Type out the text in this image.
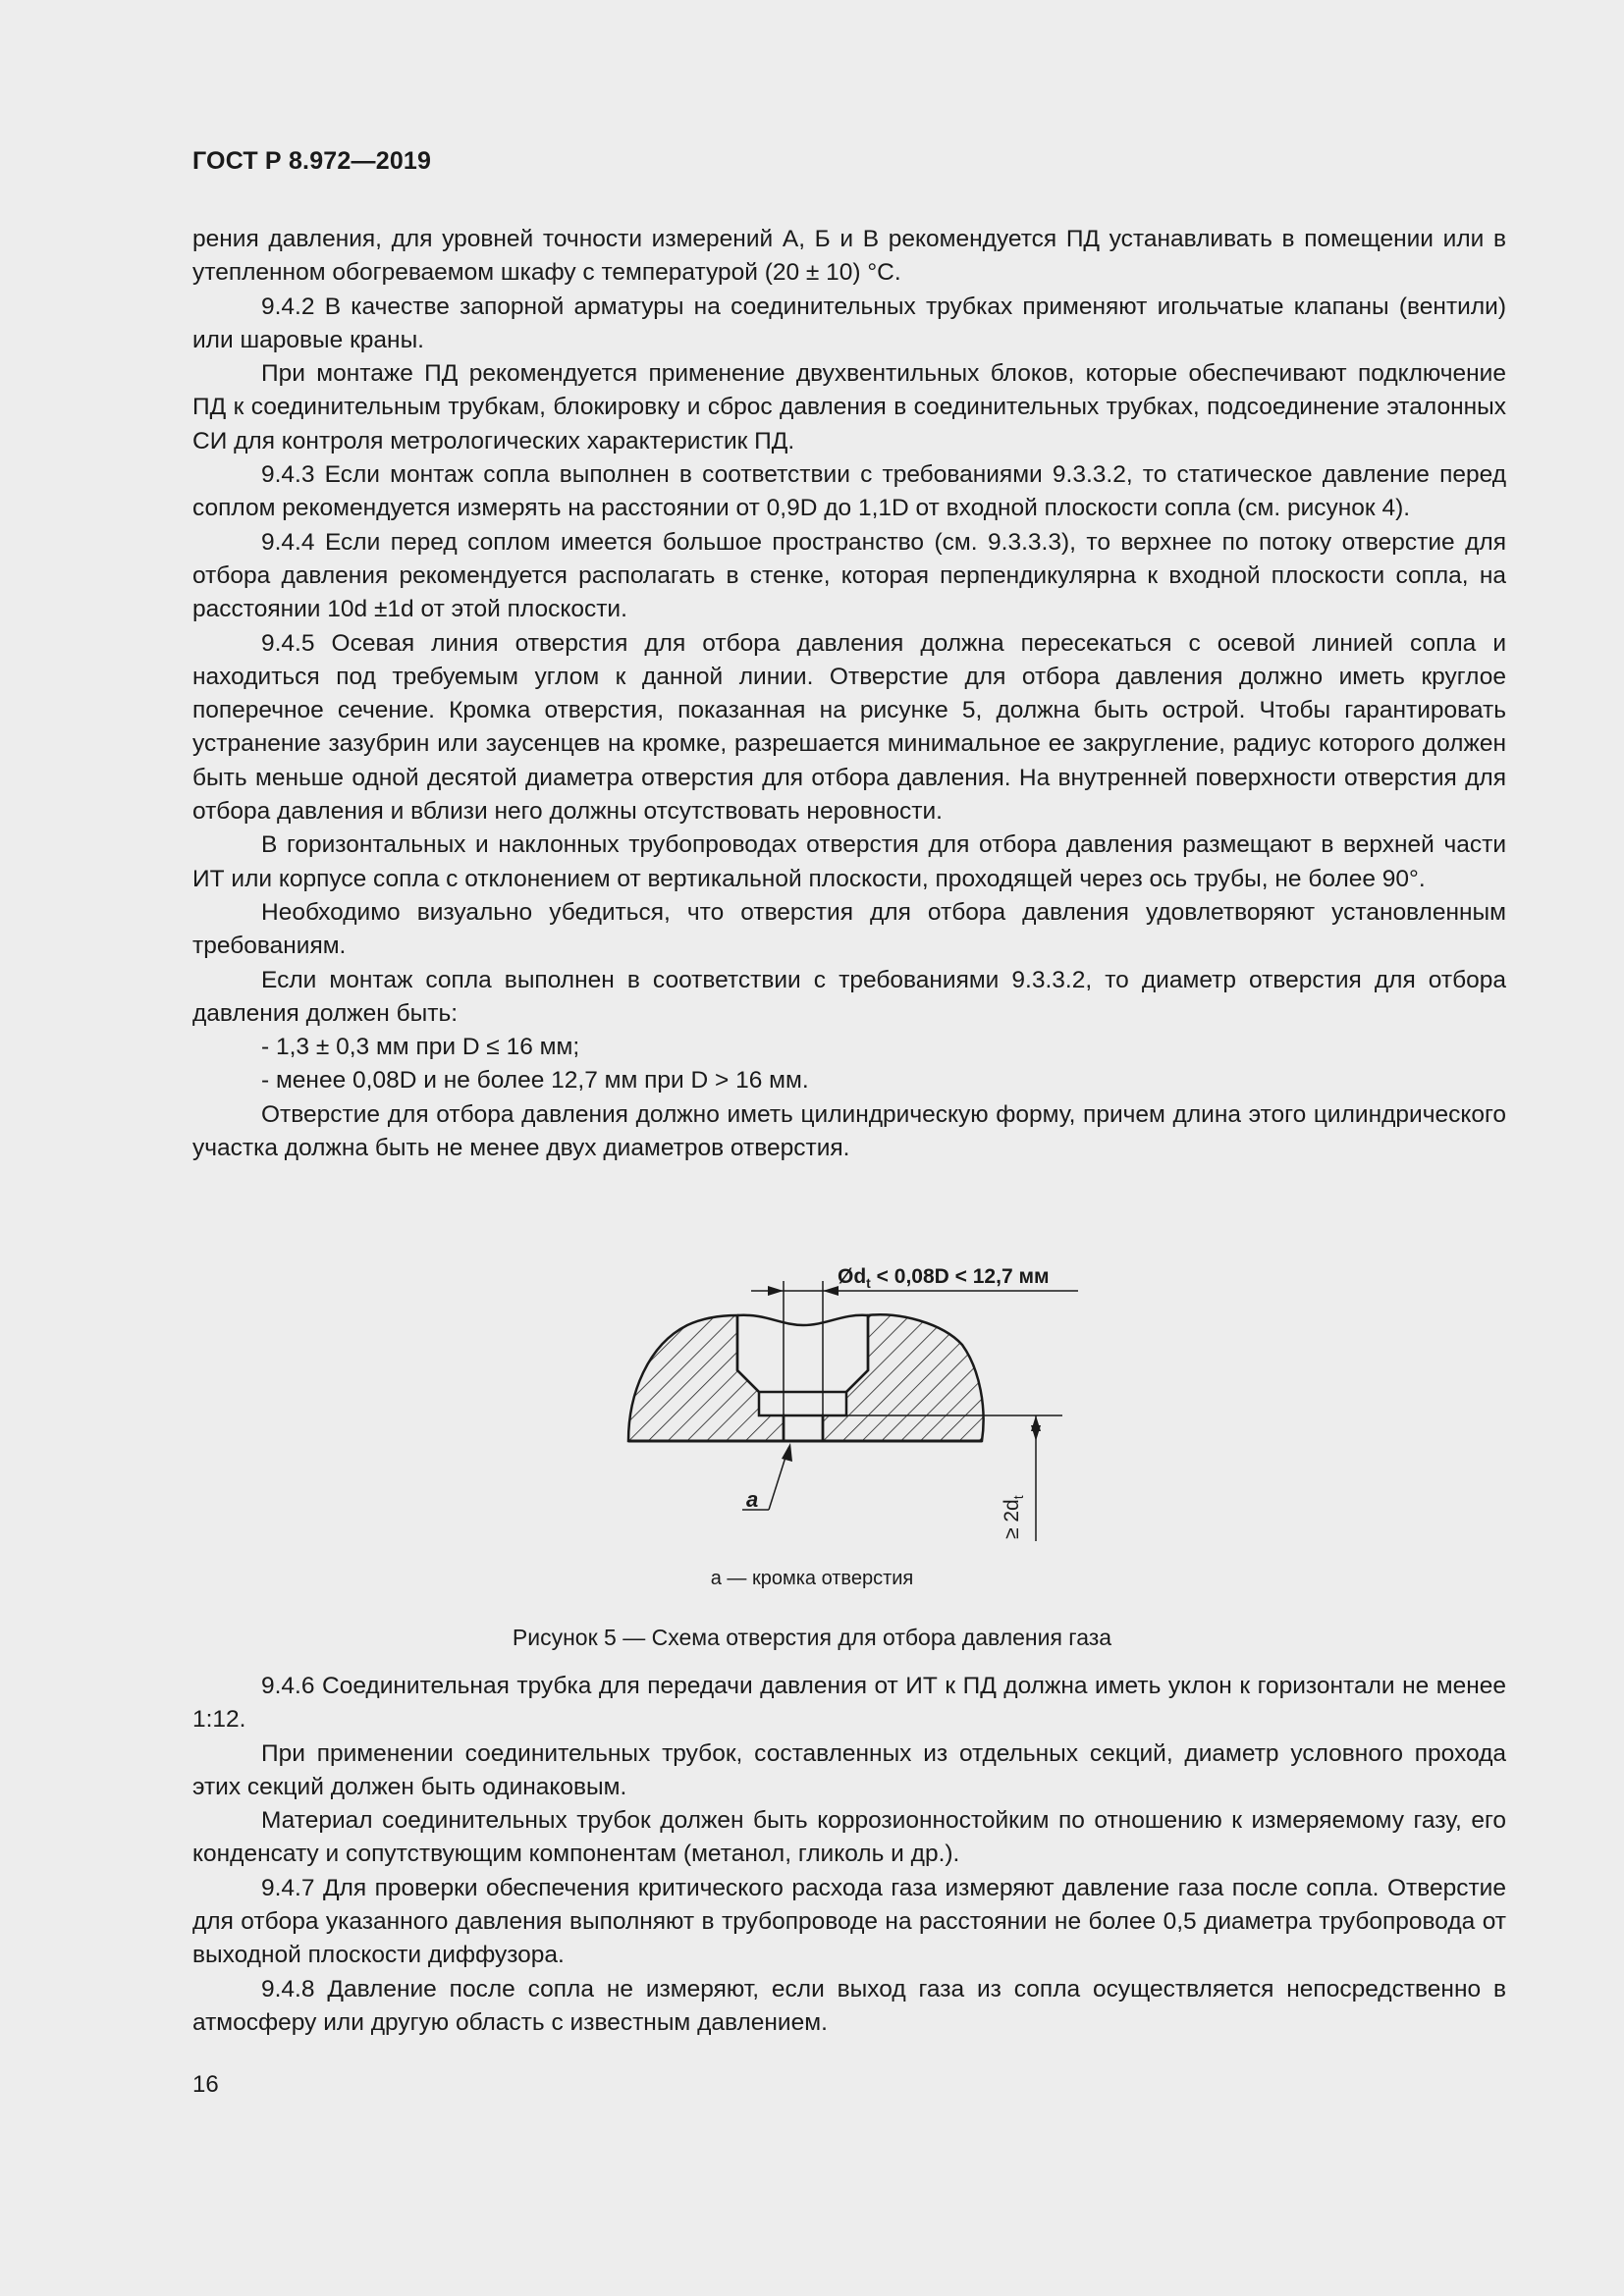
ГОСТ Р 8.972—2019

рения давления, для уровней точности измерений А, Б и В рекомендуется ПД устанавливать в помещении или в утепленном обогреваемом шкафу с температурой (20 ± 10) °С.

9.4.2 В качестве запорной арматуры на соединительных трубках применяют игольчатые клапаны (вентили) или шаровые краны.

При монтаже ПД рекомендуется применение двухвентильных блоков, которые обеспечивают подключение ПД к соединительным трубкам, блокировку и сброс давления в соединительных трубках, подсоединение эталонных СИ для контроля метрологических характеристик ПД.

9.4.3 Если монтаж сопла выполнен в соответствии с требованиями 9.3.3.2, то статическое давление перед соплом рекомендуется измерять на расстоянии от 0,9D до 1,1D от входной плоскости сопла (см. рисунок 4).

9.4.4 Если перед соплом имеется большое пространство (см. 9.3.3.3), то верхнее по потоку отверстие для отбора давления рекомендуется располагать в стенке, которая перпендикулярна к входной плоскости сопла, на расстоянии 10d ±1d от этой плоскости.

9.4.5 Осевая линия отверстия для отбора давления должна пересекаться с осевой линией сопла и находиться под требуемым углом к данной линии. Отверстие для отбора давления должно иметь круглое поперечное сечение. Кромка отверстия, показанная на рисунке 5, должна быть острой. Чтобы гарантировать устранение зазубрин или заусенцев на кромке, разрешается минимальное ее закругление, радиус которого должен быть меньше одной десятой диаметра отверстия для отбора давления. На внутренней поверхности отверстия для отбора давления и вблизи него должны отсутствовать неровности.

В горизонтальных и наклонных трубопроводах отверстия для отбора давления размещают в верхней части ИТ или корпусе сопла с отклонением от вертикальной плоскости, проходящей через ось трубы, не более 90°.

Необходимо визуально убедиться, что отверстия для отбора давления удовлетворяют установленным требованиям.

Если монтаж сопла выполнен в соответствии с требованиями 9.3.3.2, то диаметр отверстия для отбора давления должен быть:

- 1,3 ± 0,3 мм при D ≤ 16 мм;

- менее 0,08D и не более 12,7 мм при D > 16 мм.

Отверстие для отбора давления должно иметь цилиндрическую форму, причем длина этого цилиндрического участка должна быть не менее двух диаметров отверстия.

$Ød_t < 0,08D < 12,7$ мм
≥ $2d_t$
a
а — кромка отверстия
Рисунок 5 — Схема отверстия для отбора давления газа

9.4.6 Соединительная трубка для передачи давления от ИТ к ПД должна иметь уклон к горизонтали не менее 1:12.

При применении соединительных трубок, составленных из отдельных секций, диаметр условного прохода этих секций должен быть одинаковым.

Материал соединительных трубок должен быть коррозионностойким по отношению к измеряемому газу, его конденсату и сопутствующим компонентам (метанол, гликоль и др.).

9.4.7 Для проверки обеспечения критического расхода газа измеряют давление газа после сопла. Отверстие для отбора указанного давления выполняют в трубопроводе на расстоянии не более 0,5 диаметра трубопровода от выходной плоскости диффузора.

9.4.8 Давление после сопла не измеряют, если выход газа из сопла осуществляется непосредственно в атмосферу или другую область с известным давлением.

16
